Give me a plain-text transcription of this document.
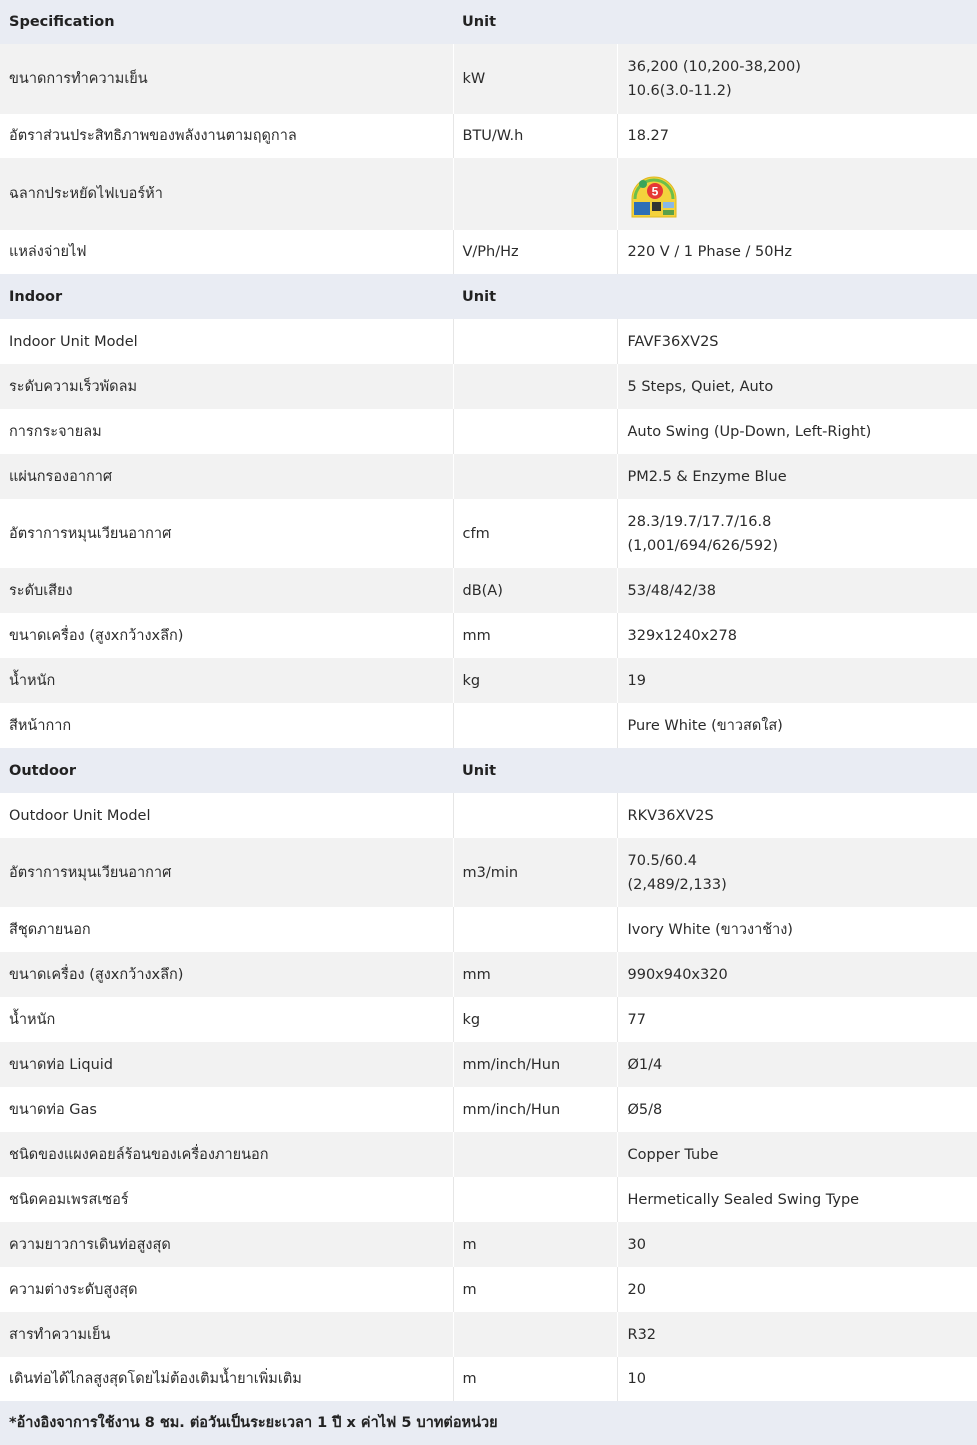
Specification	Unit	
ขนาดการทำความเย็น	kW	36,200 (10,200-38,200)
10.6(3.0-11.2)

อัตราส่วนประสิทธิภาพของพลังงานตามฤดูกาล	BTU/W.h	18.27
ฉลากประหยัดไฟเบอร์ห้า		5

แหล่งจ่ายไฟ	V/Ph/Hz	220 V / 1 Phase / 50Hz
Indoor	Unit	
Indoor Unit Model		FAVF36XV2S
ระดับความเร็วพัดลม		5 Steps, Quiet, Auto
การกระจายลม		Auto Swing (Up-Down, Left-Right)
แผ่นกรองอากาศ		PM2.5 & Enzyme Blue
อัตราการหมุนเวียนอากาศ	cfm	28.3/19.7/17.7/16.8
(1,001/694/626/592)

ระดับเสียง	dB(A)	53/48/42/38
ขนาดเครื่อง (สูงxกว้างxลึก)	mm	329x1240x278
น้ำหนัก	kg	19
สีหน้ากาก		Pure White (ขาวสดใส)
Outdoor	Unit	
Outdoor Unit Model		RKV36XV2S
อัตราการหมุนเวียนอากาศ	m3/min	70.5/60.4
(2,489/2,133)

สีชุดภายนอก		Ivory White (ขาวงาช้าง)
ขนาดเครื่อง (สูงxกว้างxลึก)	mm	990x940x320
น้ำหนัก	kg	77
ขนาดท่อ Liquid	mm/inch/Hun	Ø1/4
ขนาดท่อ Gas	mm/inch/Hun	Ø5/8
ชนิดของแผงคอยล์ร้อนของเครื่องภายนอก		Copper Tube
ชนิดคอมเพรสเซอร์		Hermetically Sealed Swing Type
ความยาวการเดินท่อสูงสุด	m	30
ความต่างระดับสูงสุด	m	20
สารทำความเย็น		R32
เดินท่อได้ไกลสูงสุดโดยไม่ต้องเติมน้ำยาเพิ่มเติม	m	10
*อ้างอิงจาการใช้งาน 8 ชม. ต่อวันเป็นระยะเวลา 1 ปี x ค่าไฟ 5 บาทต่อหน่วย		
